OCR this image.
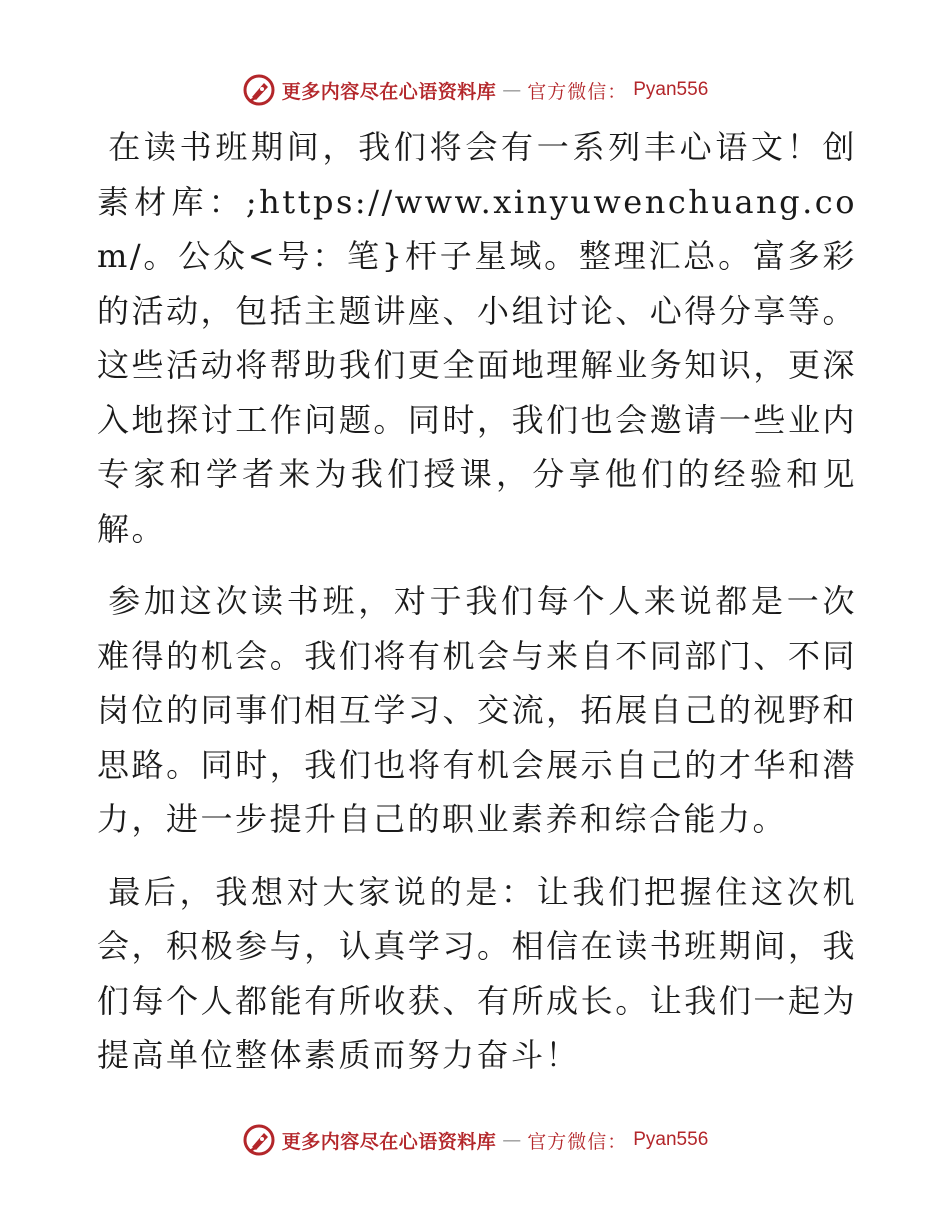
更多内容尽在心语资料库 — 官方微信： Pyan556

在读书班期间，我们将会有一系列丰心语文！创素材库：;https://www.xinyuwenchuang.com/。公众<号：笔}杆子星域。整理汇总。富多彩的活动，包括主题讲座、小组讨论、心得分享等。这些活动将帮助我们更全面地理解业务知识，更深入地探讨工作问题。同时，我们也会邀请一些业内专家和学者来为我们授课，分享他们的经验和见解。

参加这次读书班，对于我们每个人来说都是一次难得的机会。我们将有机会与来自不同部门、不同岗位的同事们相互学习、交流，拓展自己的视野和思路。同时，我们也将有机会展示自己的才华和潜力，进一步提升自己的职业素养和综合能力。

最后，我想对大家说的是：让我们把握住这次机会，积极参与，认真学习。相信在读书班期间，我们每个人都能有所收获、有所成长。让我们一起为提高单位整体素质而努力奋斗！

更多内容尽在心语资料库 — 官方微信： Pyan556
